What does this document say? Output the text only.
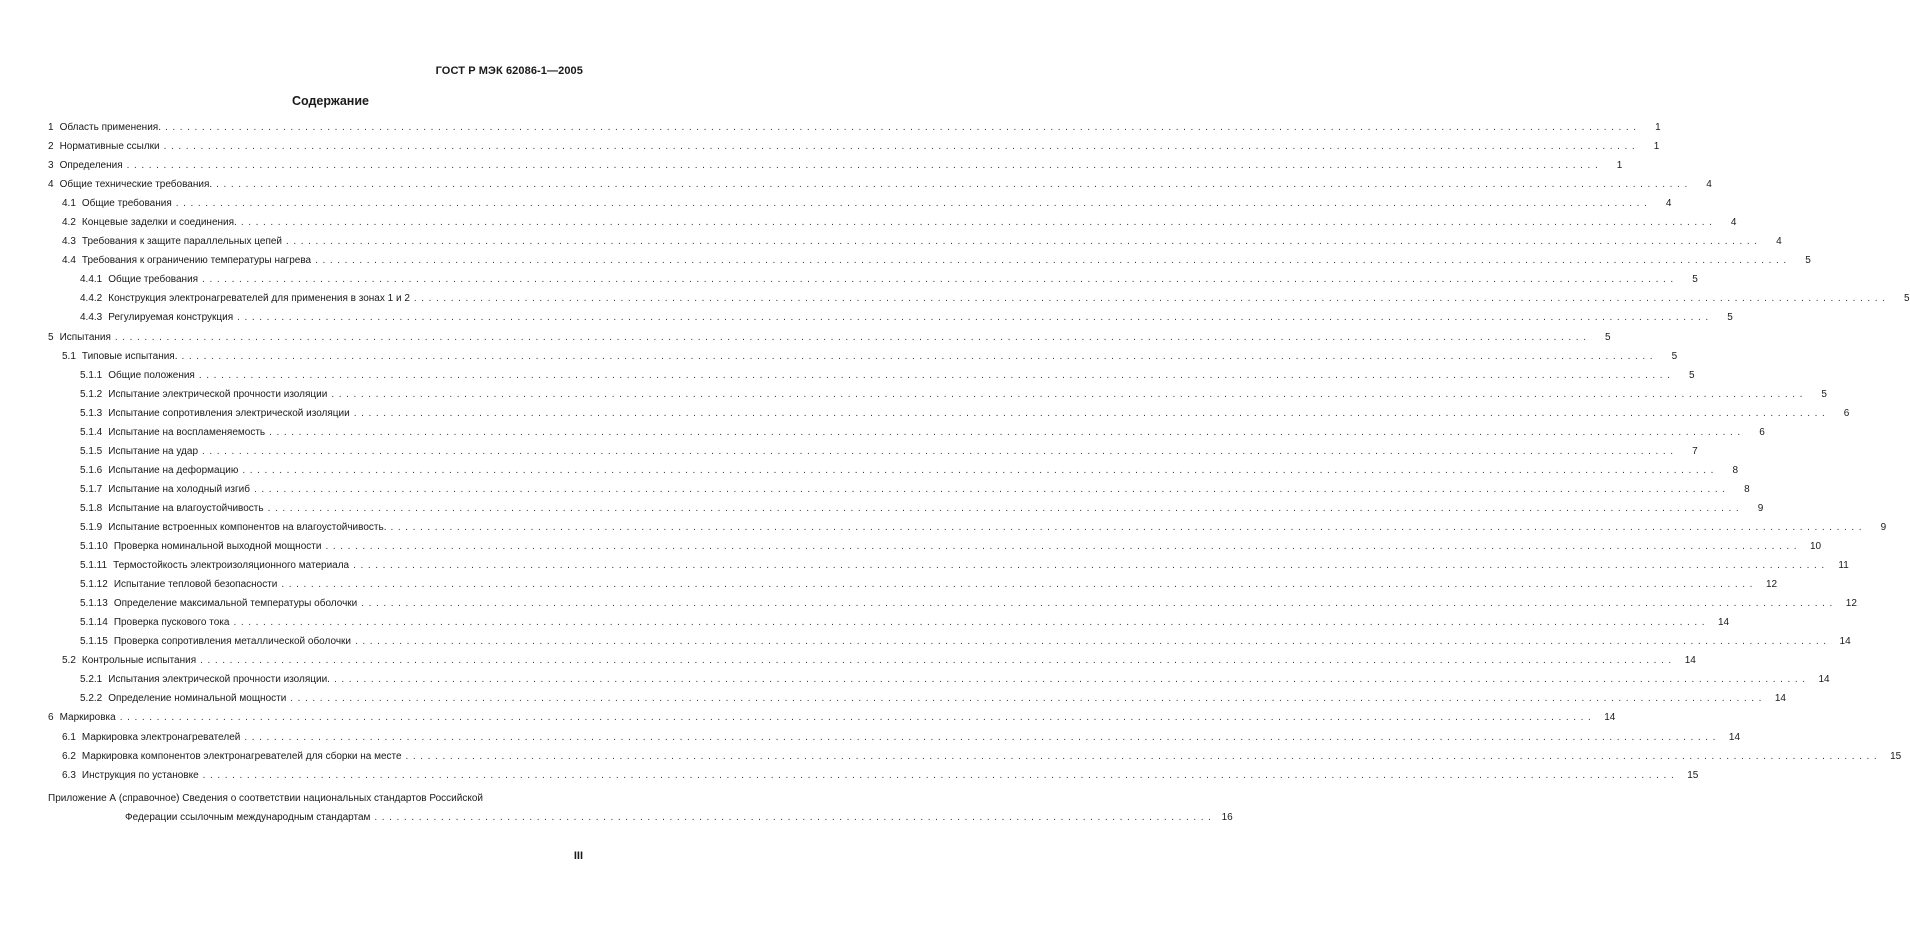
ГОСТ Р МЭК 62086-1—2005
Содержание
1 Область применения. ........................................................................................................................................................................................................	1
2 Нормативные ссылки ........................................................................................................................................................................................................	1
3 Определения ........................................................................................................................................................................................................	1
4 Общие технические требования. ........................................................................................................................................................................................................	4
4.1 Общие требования ........................................................................................................................................................................................................	4
4.2 Концевые заделки и соединения. ........................................................................................................................................................................................................	4
4.3 Требования к защите параллельных цепей ........................................................................................................................................................................................................	4
4.4 Требования к ограничению температуры нагрева ........................................................................................................................................................................................................	5
4.4.1 Общие требования ........................................................................................................................................................................................................	5
4.4.2 Конструкция электронагревателей для применения в зонах 1 и 2 ........................................................................................................................................................................................................	5
4.4.3 Регулируемая конструкция ........................................................................................................................................................................................................	5
5 Испытания ........................................................................................................................................................................................................	5
5.1 Типовые испытания. ........................................................................................................................................................................................................	5
5.1.1 Общие положения ........................................................................................................................................................................................................	5
5.1.2 Испытание электрической прочности изоляции ........................................................................................................................................................................................................	5
5.1.3 Испытание сопротивления электрической изоляции ........................................................................................................................................................................................................	6
5.1.4 Испытание на воспламеняемость ........................................................................................................................................................................................................	6
5.1.5 Испытание на удар ........................................................................................................................................................................................................	7
5.1.6 Испытание на деформацию ........................................................................................................................................................................................................	8
5.1.7 Испытание на холодный изгиб ........................................................................................................................................................................................................	8
5.1.8 Испытание на влагоустойчивость ........................................................................................................................................................................................................	9
5.1.9 Испытание встроенных компонентов на влагоустойчивость. ........................................................................................................................................................................................................	9
5.1.10 Проверка номинальной выходной мощности ........................................................................................................................................................................................................ 10
5.1.11 Термостойкость электроизоляционного материала ........................................................................................................................................................................................................ 11
5.1.12 Испытание тепловой безопасности ........................................................................................................................................................................................................ 12
5.1.13 Определение максимальной температуры оболочки ........................................................................................................................................................................................................ 12
5.1.14 Проверка пускового тока ........................................................................................................................................................................................................ 14
5.1.15 Проверка сопротивления металлической оболочки ........................................................................................................................................................................................................ 14
5.2 Контрольные испытания ........................................................................................................................................................................................................ 14
5.2.1 Испытания электрической прочности изоляции. ........................................................................................................................................................................................................ 14
5.2.2 Определение номинальной мощности ........................................................................................................................................................................................................ 14
6 Маркировка ........................................................................................................................................................................................................ 14
6.1 Маркировка электронагревателей ........................................................................................................................................................................................................ 14
6.2 Маркировка компонентов электронагревателей для сборки на месте ........................................................................................................................................................................................................ 15
6.3 Инструкция по установке ........................................................................................................................................................................................................ 15
Приложение А (справочное) Сведения о соответствии национальных стандартов Российской
Федерации ссылочным международным стандартам .................................................................................................................. 16
III
